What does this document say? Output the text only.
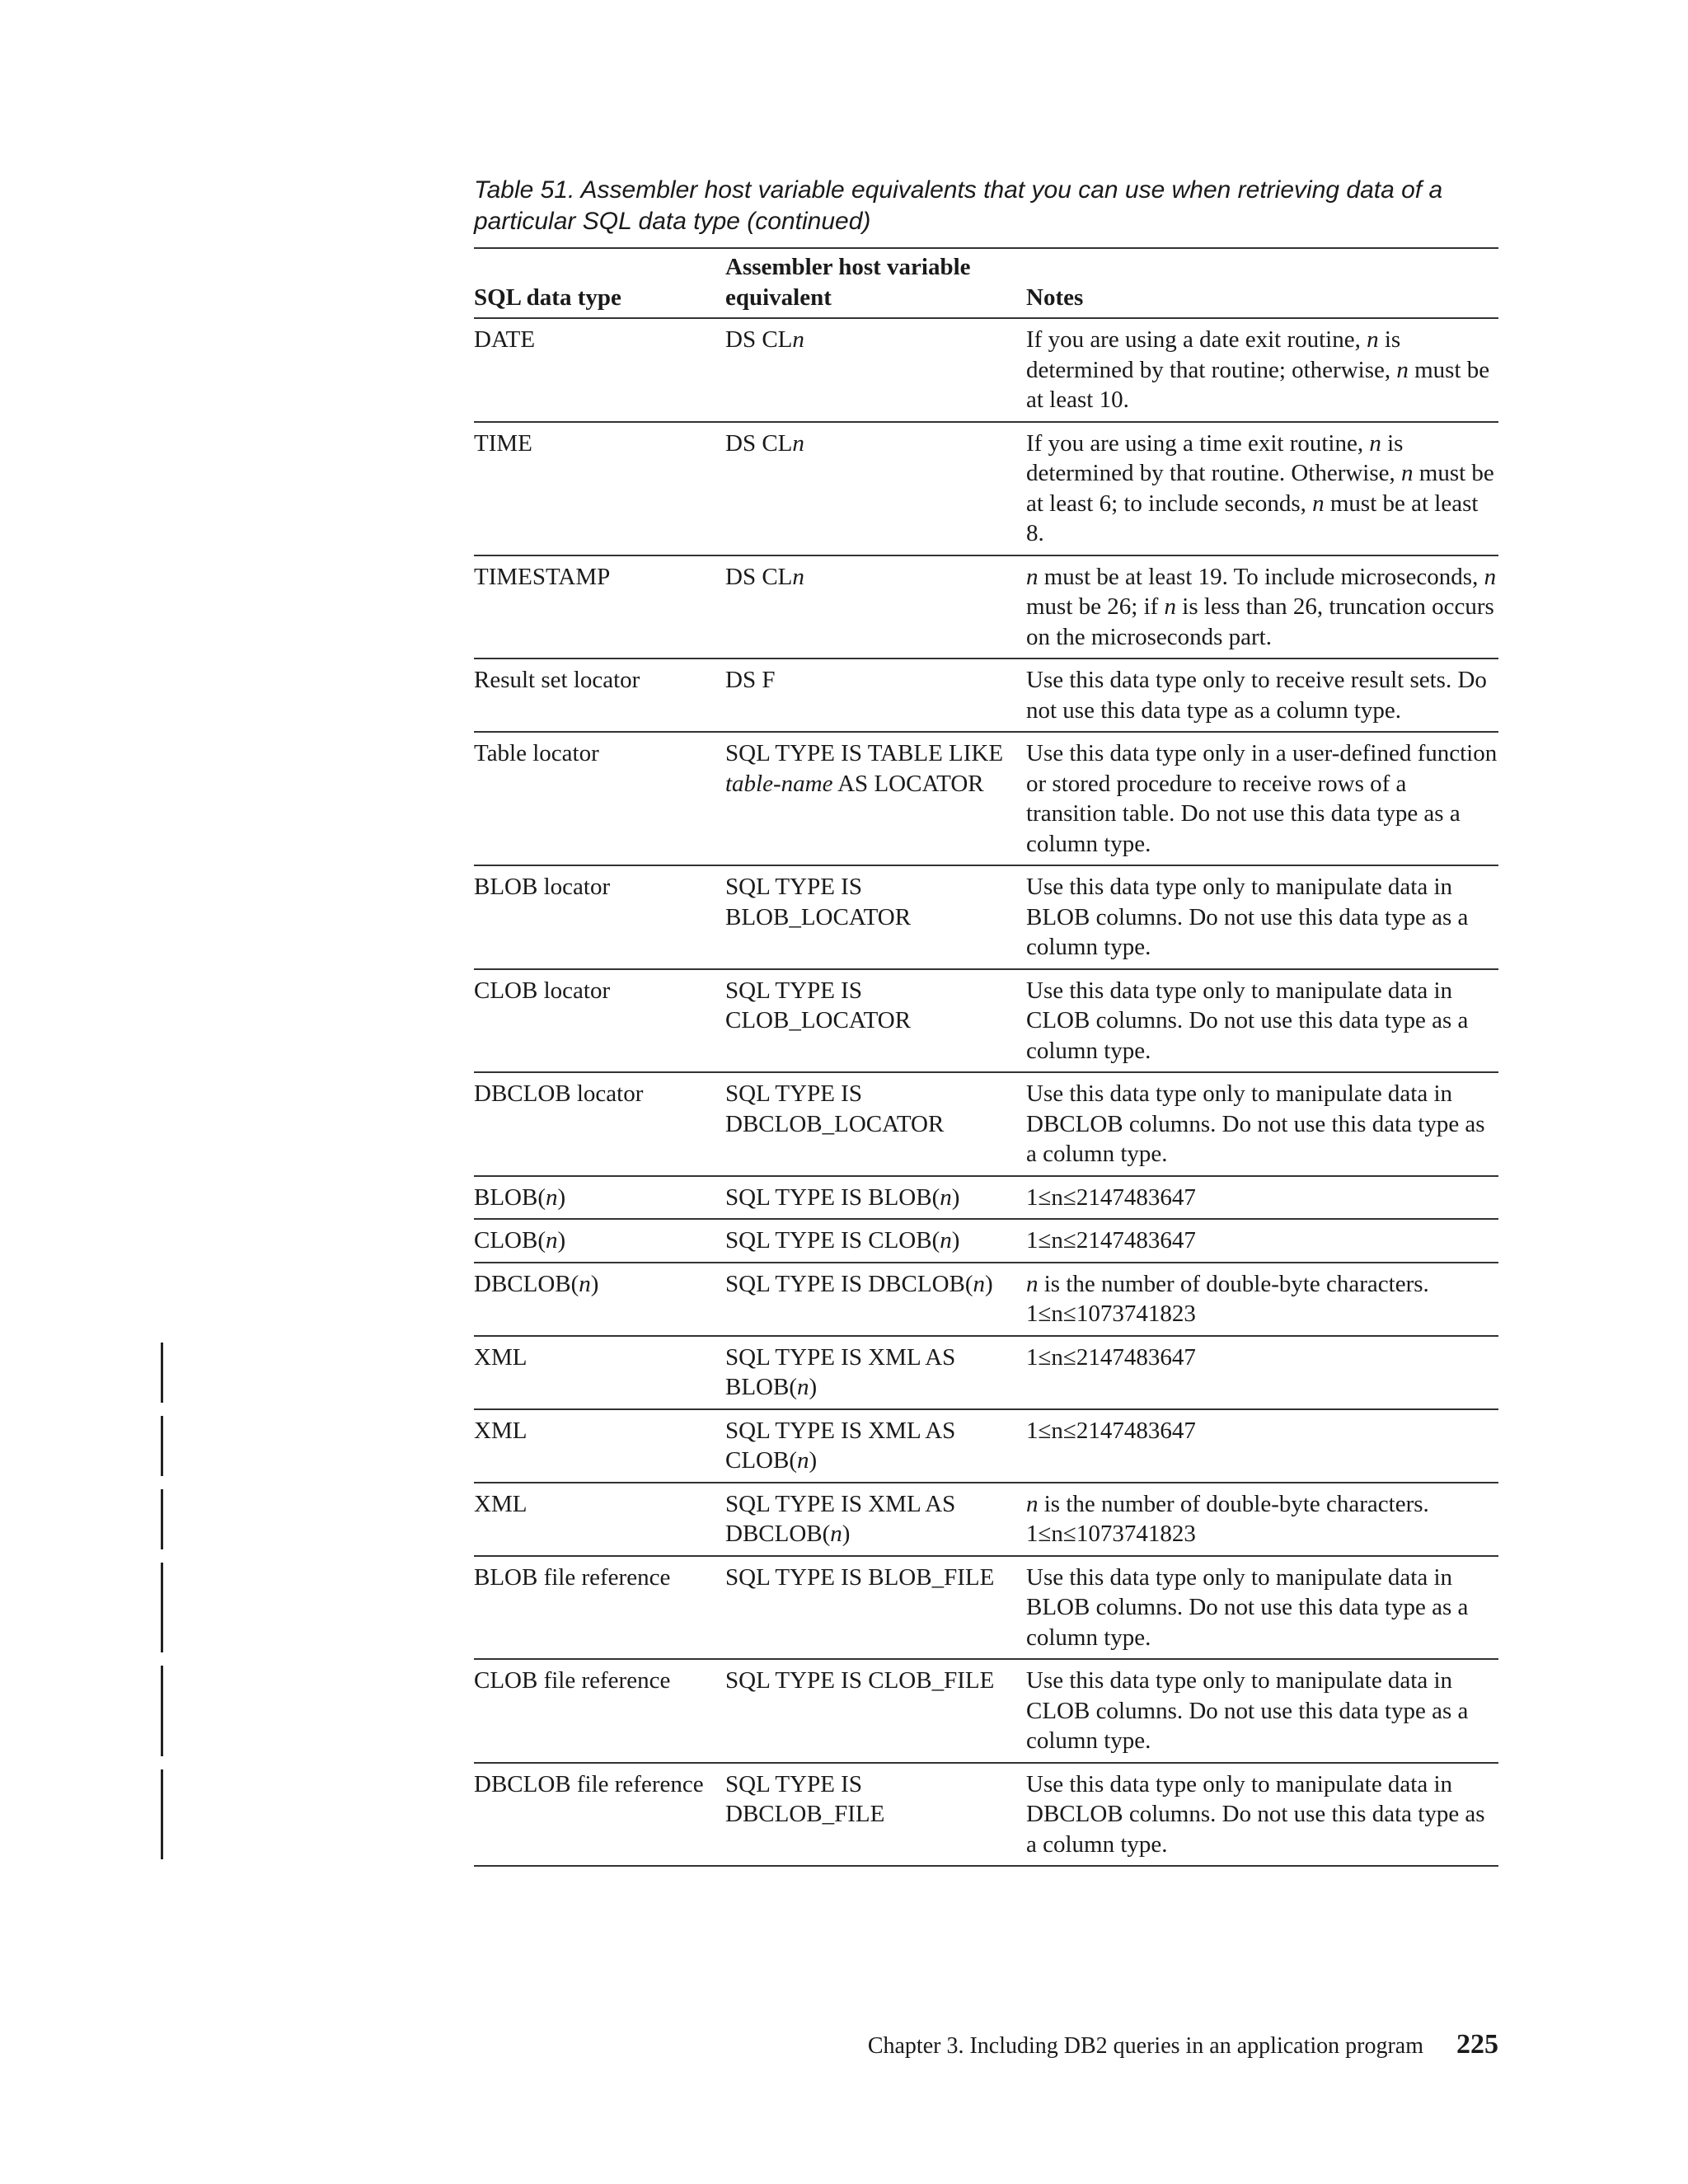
Table 51. Assembler host variable equivalents that you can use when retrieving data of a particular SQL data type (continued)
SQL data type	Assembler host variable equivalent	Notes
DATE	DS CLn	If you are using a date exit routine, n is determined by that routine; otherwise, n must be at least 10.
TIME	DS CLn	If you are using a time exit routine, n is determined by that routine. Otherwise, n must be at least 6; to include seconds, n must be at least 8.
TIMESTAMP	DS CLn	n must be at least 19. To include microseconds, n must be 26; if n is less than 26, truncation occurs on the microseconds part.
Result set locator	DS F	Use this data type only to receive result sets. Do not use this data type as a column type.
Table locator	SQL TYPE IS TABLE LIKE table-name AS LOCATOR	Use this data type only in a user-defined function or stored procedure to receive rows of a transition table. Do not use this data type as a column type.
BLOB locator	SQL TYPE IS BLOB_LOCATOR	Use this data type only to manipulate data in BLOB columns. Do not use this data type as a column type.
CLOB locator	SQL TYPE IS CLOB_LOCATOR	Use this data type only to manipulate data in CLOB columns. Do not use this data type as a column type.
DBCLOB locator	SQL TYPE IS DBCLOB_LOCATOR	Use this data type only to manipulate data in DBCLOB columns. Do not use this data type as a column type.
BLOB(n)	SQL TYPE IS BLOB(n)	1≤n≤2147483647
CLOB(n)	SQL TYPE IS CLOB(n)	1≤n≤2147483647
DBCLOB(n)	SQL TYPE IS DBCLOB(n)	n is the number of double-byte characters. 1≤n≤1073741823
XML	SQL TYPE IS XML AS BLOB(n)	1≤n≤2147483647
XML	SQL TYPE IS XML AS CLOB(n)	1≤n≤2147483647
XML	SQL TYPE IS XML AS DBCLOB(n)	n is the number of double-byte characters. 1≤n≤1073741823
BLOB file reference	SQL TYPE IS BLOB_FILE	Use this data type only to manipulate data in BLOB columns. Do not use this data type as a column type.
CLOB file reference	SQL TYPE IS CLOB_FILE	Use this data type only to manipulate data in CLOB columns. Do not use this data type as a column type.
DBCLOB file reference	SQL TYPE IS DBCLOB_FILE	Use this data type only to manipulate data in DBCLOB columns. Do not use this data type as a column type.
Chapter 3. Including DB2 queries in an application program 225
